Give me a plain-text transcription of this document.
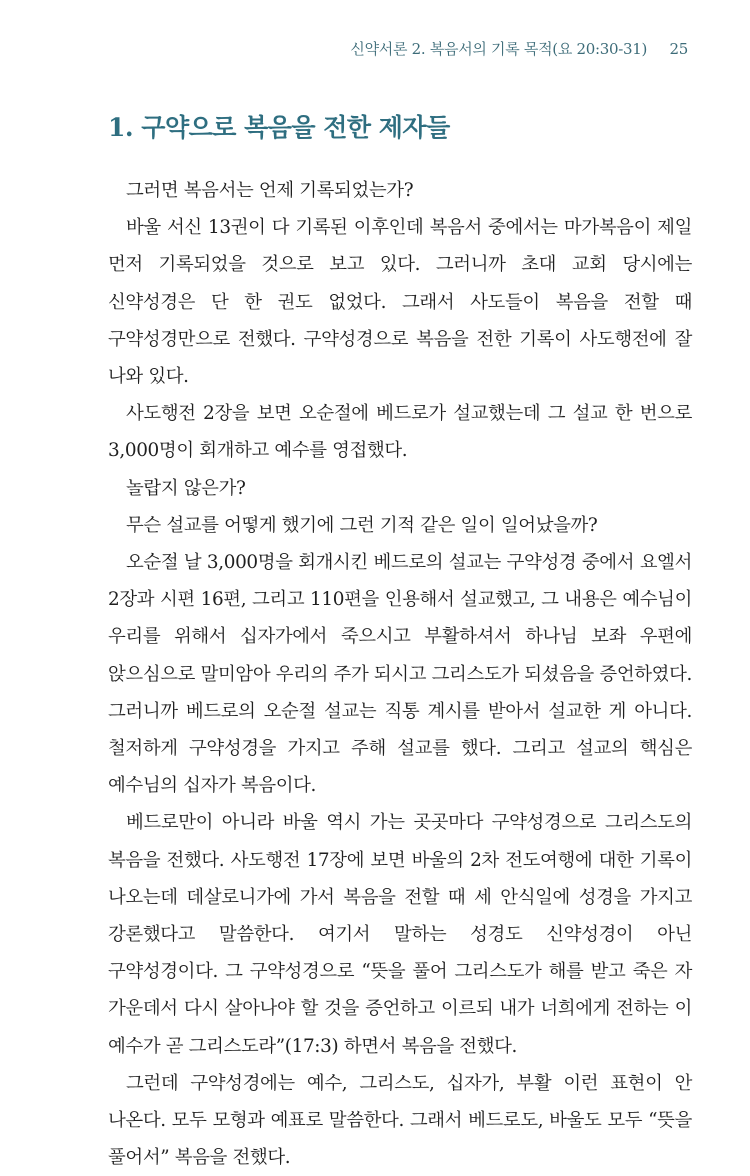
신약서론 2. 복음서의 기록 목적(요 20:30-31) 25
1. 구약으로 복음을 전한 제자들

그러면 복음서는 언제 기록되었는가?

바울 서신 13권이 다 기록된 이후인데 복음서 중에서는 마가복음이 제일 먼저 기록되었을 것으로 보고 있다. 그러니까 초대 교회 당시에는 신약성경은 단 한 권도 없었다. 그래서 사도들이 복음을 전할 때 구약성경만으로 전했다. 구약성경으로 복음을 전한 기록이 사도행전에 잘 나와 있다.

사도행전 2장을 보면 오순절에 베드로가 설교했는데 그 설교 한 번으로 3,000명이 회개하고 예수를 영접했다.

놀랍지 않은가?

무슨 설교를 어떻게 했기에 그런 기적 같은 일이 일어났을까?

오순절 날 3,000명을 회개시킨 베드로의 설교는 구약성경 중에서 요엘서 2장과 시편 16편, 그리고 110편을 인용해서 설교했고, 그 내용은 예수님이 우리를 위해서 십자가에서 죽으시고 부활하셔서 하나님 보좌 우편에 앉으심으로 말미암아 우리의 주가 되시고 그리스도가 되셨음을 증언하였다. 그러니까 베드로의 오순절 설교는 직통 계시를 받아서 설교한 게 아니다. 철저하게 구약성경을 가지고 주해 설교를 했다. 그리고 설교의 핵심은 예수님의 십자가 복음이다.

베드로만이 아니라 바울 역시 가는 곳곳마다 구약성경으로 그리스도의 복음을 전했다. 사도행전 17장에 보면 바울의 2차 전도여행에 대한 기록이 나오는데 데살로니가에 가서 복음을 전할 때 세 안식일에 성경을 가지고 강론했다고 말씀한다. 여기서 말하는 성경도 신약성경이 아닌 구약성경이다. 그 구약성경으로 “뜻을 풀어 그리스도가 해를 받고 죽은 자 가운데서 다시 살아나야 할 것을 증언하고 이르되 내가 너희에게 전하는 이 예수가 곧 그리스도라”(17:3) 하면서 복음을 전했다.

그런데 구약성경에는 예수, 그리스도, 십자가, 부활 이런 표현이 안 나온다. 모두 모형과 예표로 말씀한다. 그래서 베드로도, 바울도 모두 “뜻을 풀어서” 복음을 전했다.
